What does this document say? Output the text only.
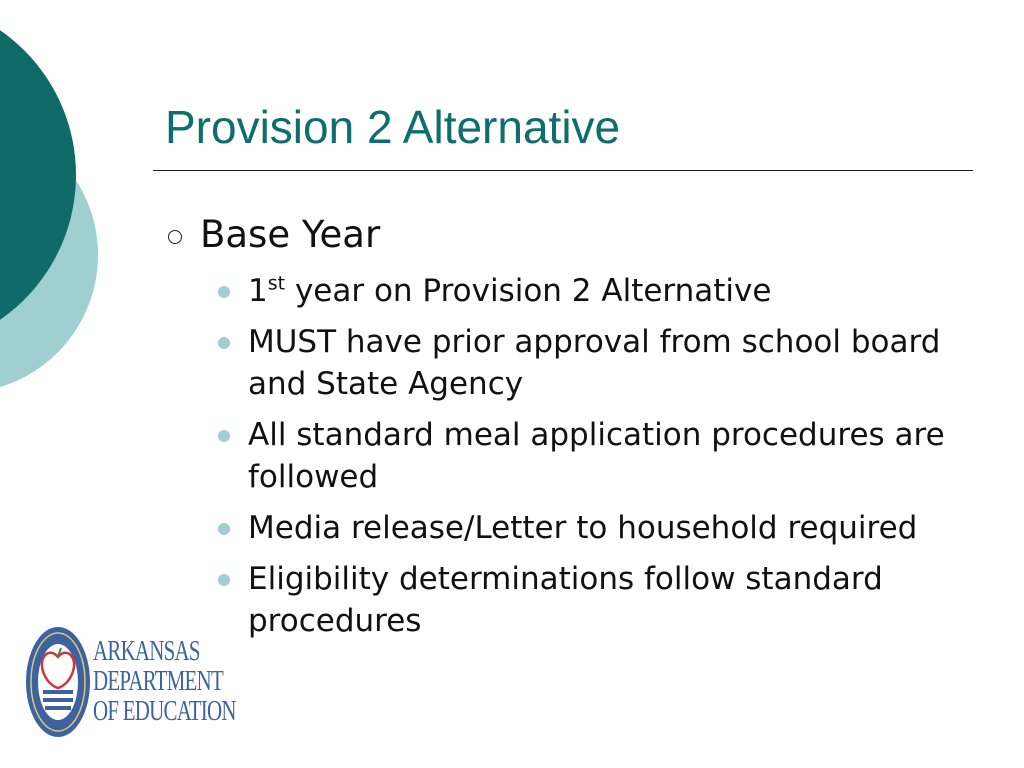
Provision 2 Alternative
Base Year
1st year on Provision 2 Alternative
MUST have prior approval from school board and State Agency
All standard meal application procedures are followed
Media release/Letter to household required
Eligibility determinations follow standard procedures
ARKANSAS
DEPARTMENT
OF EDUCATION
